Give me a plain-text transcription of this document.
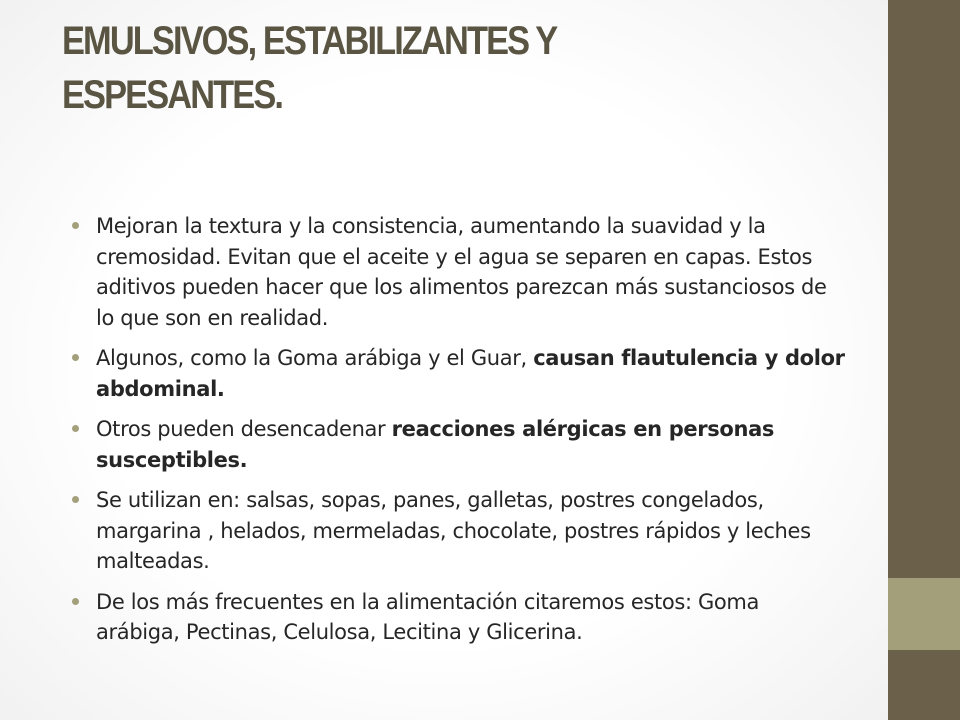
EMULSIVOS, ESTABILIZANTES Y
ESPESANTES.
Mejoran la textura y la consistencia, aumentando la suavidad y la cremosidad. Evitan que el aceite y el agua se separen en capas. Estos aditivos pueden hacer que los alimentos parezcan más sustanciosos de lo que son en realidad.
Algunos, como la Goma arábiga y el Guar, causan flautulencia y dolor abdominal.
Otros pueden desencadenar reacciones alérgicas en personas susceptibles.
Se utilizan en: salsas, sopas, panes, galletas, postres congelados, margarina , helados, mermeladas, chocolate, postres rápidos y leches malteadas.
De los más frecuentes en la alimentación citaremos estos: Goma arábiga, Pectinas, Celulosa, Lecitina y Glicerina.
